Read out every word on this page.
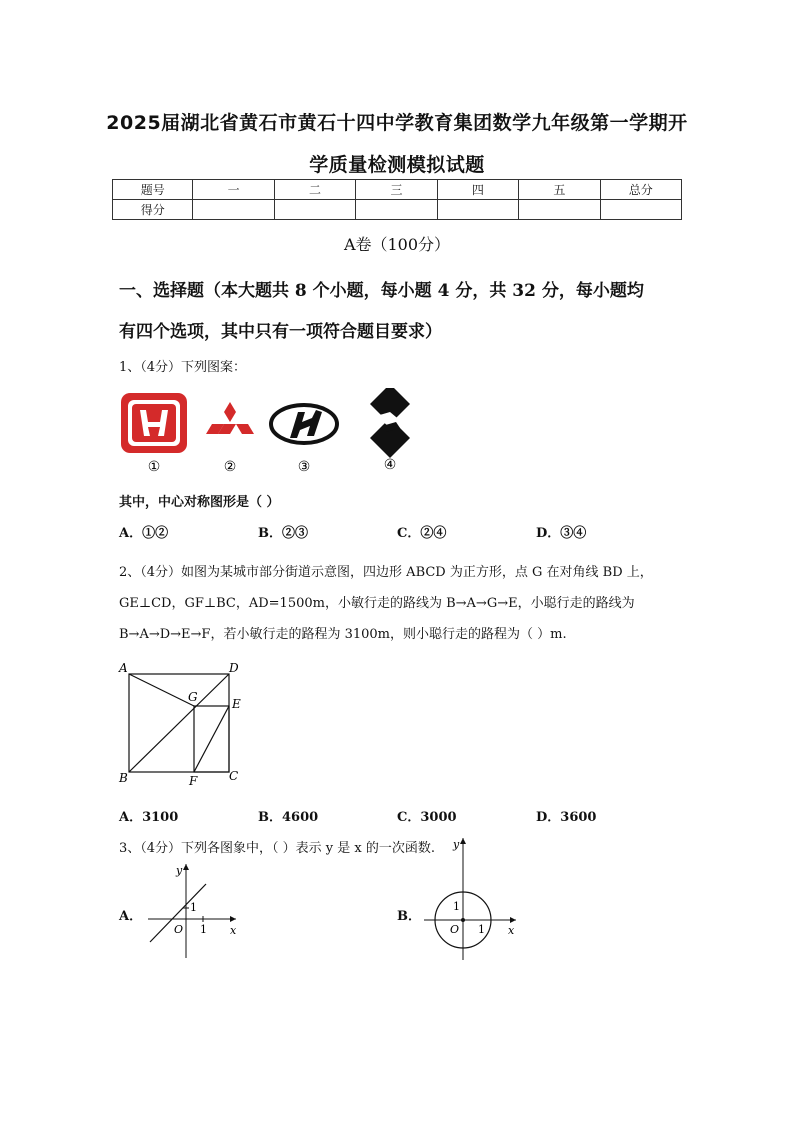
2025届湖北省黄石市黄石十四中学教育集团数学九年级第一学期开
学质量检测模拟试题
题号	一	二	三	四	五	总分
得分						
A卷（100分）
一、选择题（本大题共 8 个小题，每小题 4 分，共 32 分，每小题均
有四个选项，其中只有一项符合题目要求）
1、（4分）下列图案：
①	②	③	④
其中，中心对称图形是（ ）
A．①②	B．②③	C．②④	D．③④
2、（4分）如图为某城市部分街道示意图，四边形 ABCD 为正方形，点 G 在对角线 BD 上，
GE⊥CD，GF⊥BC，AD=1500m，小敏行走的路线为 B→A→G→E，小聪行走的路线为
B→A→D→E→F，若小敏行走的路程为 3100m，则小聪行走的路程为（ ）m.
A	D
G	E
B	F	C
A．3100	B．4600	C．3000	D．3600
3、（4分）下列各图象中，（ ）表示 y 是 x 的一次函数.
A．
y
x
O 1
1
B．
y
x
O 1
1
